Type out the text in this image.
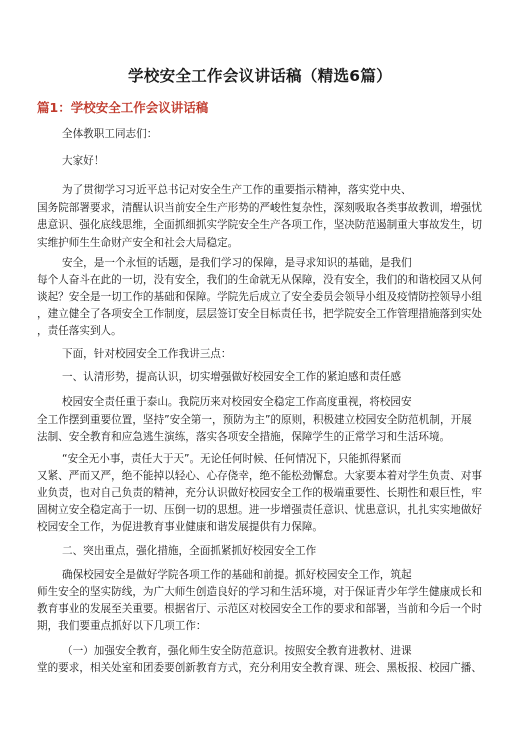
学校安全工作会议讲话稿（精选6篇）
篇1：学校安全工作会议讲话稿
全体教职工同志们：
大家好！
为了贯彻学习习近平总书记对安全生产工作的重要指示精神，落实党中央、
国务院部署要求，清醒认识当前安全生产形势的严峻性复杂性，深刻吸取各类事故教训，增强忧
患意识、强化底线思维，全面抓细抓实学院安全生产各项工作，坚决防范遏制重大事故发生，切
实维护师生生命财产安全和社会大局稳定。
安全，是一个永恒的话题，是我们学习的保障，是寻求知识的基础，是我们
每个人奋斗在此的一切，没有安全，我们的生命就无从保障，没有安全，我们的和谐校园又从何
谈起？安全是一切工作的基础和保障。学院先后成立了安全委员会领导小组及疫情防控领导小组
，建立健全了各项安全工作制度，层层签订安全目标责任书，把学院安全工作管理措施落到实处
，责任落实到人。
下面，针对校园安全工作我讲三点：
一、认清形势，提高认识，切实增强做好校园安全工作的紧迫感和责任感
校园安全责任重于泰山。我院历来对校园安全稳定工作高度重视，将校园安
全工作摆到重要位置，坚持”安全第一，预防为主”的原则，积极建立校园安全防范机制，开展
法制、安全教育和应急逃生演练，落实各项安全措施，保障学生的正常学习和生活环境。
“安全无小事，责任大于天”。无论任何时候、任何情况下，只能抓得紧而
又紧、严而又严，绝不能掉以轻心、心存侥幸，绝不能松劲懈怠。大家要本着对学生负责、对事
业负责，也对自己负责的精神，充分认识做好校园安全工作的极端重要性、长期性和艰巨性，牢
固树立安全稳定高于一切、压倒一切的思想。进一步增强责任意识、忧患意识，扎扎实实地做好
校园安全工作，为促进教育事业健康和谐发展提供有力保障。
二、突出重点，强化措施，全面抓紧抓好校园安全工作
确保校园安全是做好学院各项工作的基础和前提。抓好校园安全工作，筑起
师生安全的坚实防线，为广大师生创造良好的学习和生活环境，对于保证青少年学生健康成长和
教育事业的发展至关重要。根据省厅、示范区对校园安全工作的要求和部署，当前和今后一个时
期，我们要重点抓好以下几项工作：
（一）加强安全教育，强化师生安全防范意识。按照安全教育进教材、进课
堂的要求，相关处室和团委要创新教育方式，充分利用安全教育课、班会、黑板报、校园广播、
